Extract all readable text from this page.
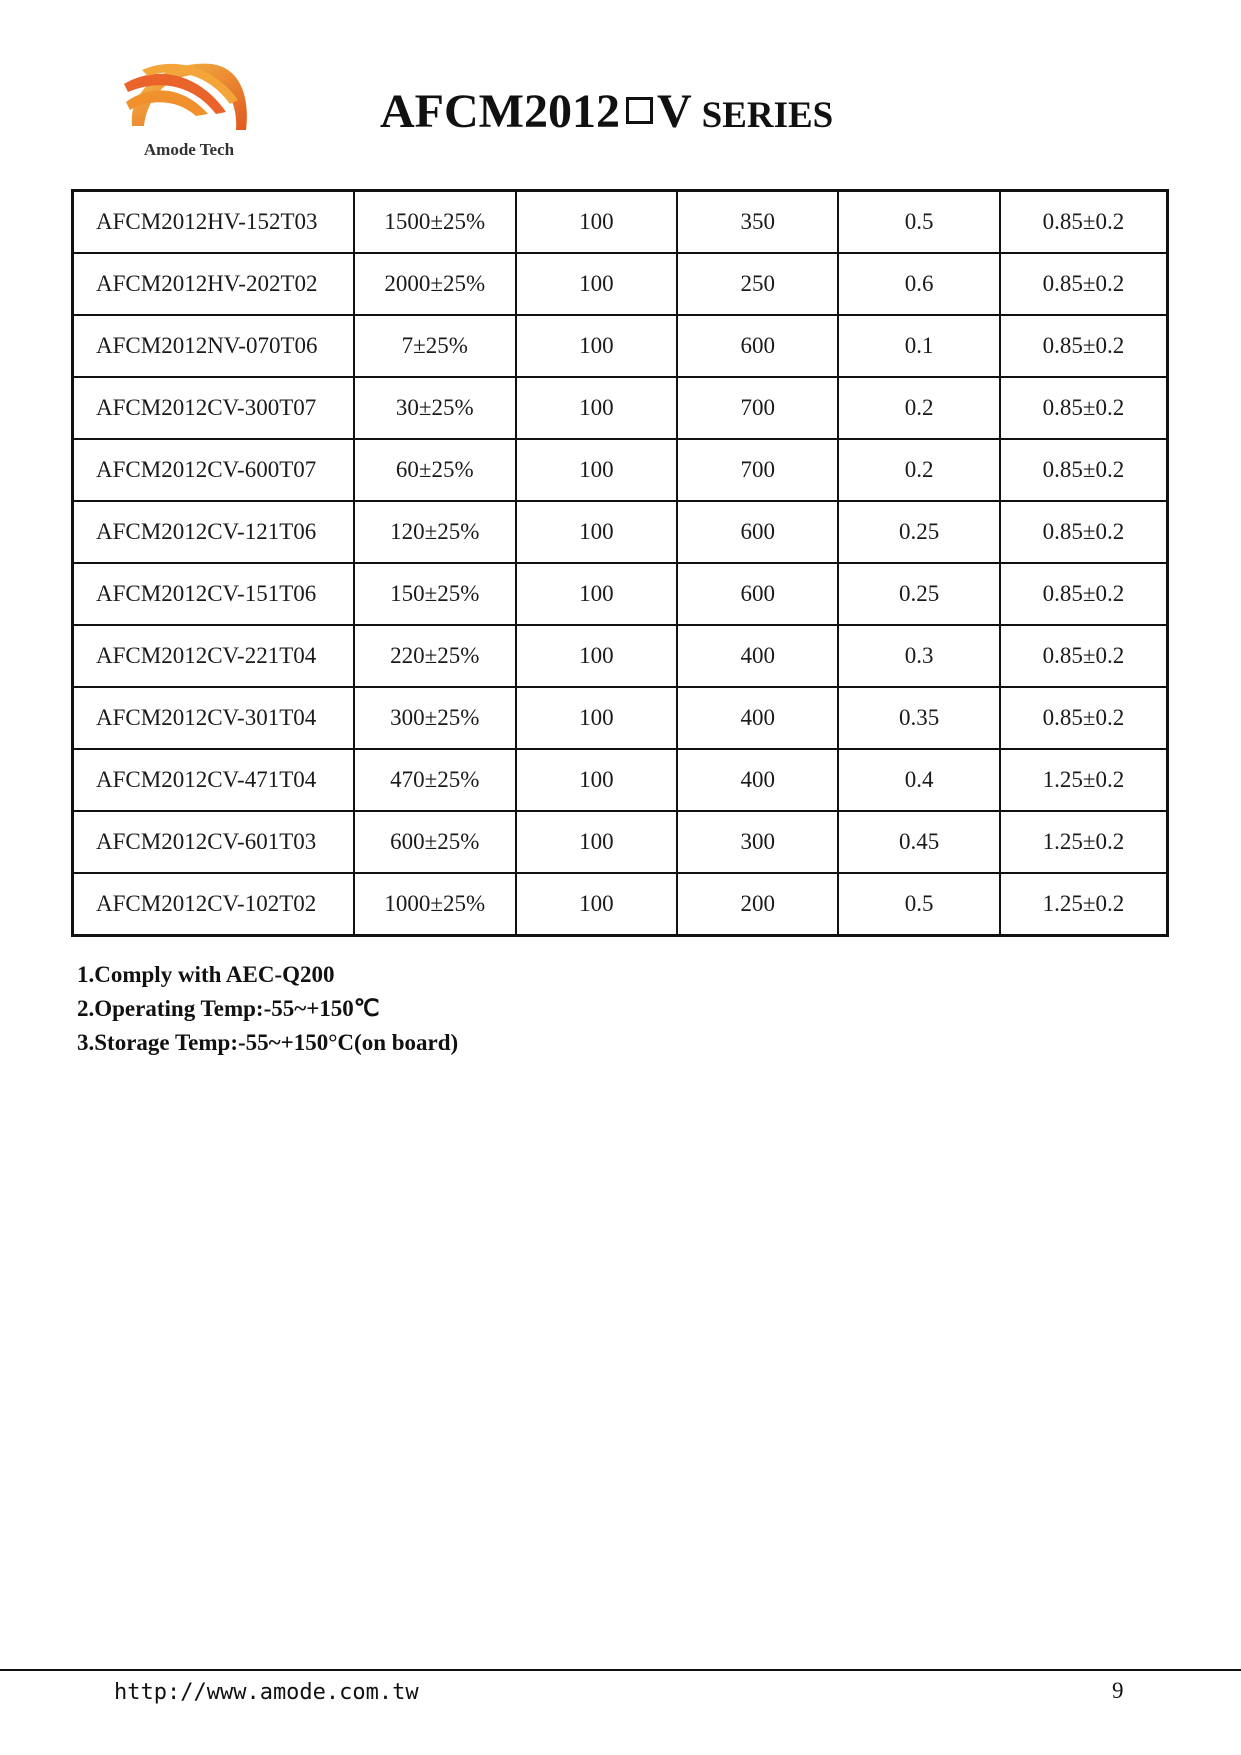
Amode Tech
AFCM2012 V SERIES
AFCM2012HV-152T03	1500±25%	100	350	0.5	0.85±0.2
AFCM2012HV-202T02	2000±25%	100	250	0.6	0.85±0.2
AFCM2012NV-070T06	7±25%	100	600	0.1	0.85±0.2
AFCM2012CV-300T07	30±25%	100	700	0.2	0.85±0.2
AFCM2012CV-600T07	60±25%	100	700	0.2	0.85±0.2
AFCM2012CV-121T06	120±25%	100	600	0.25	0.85±0.2
AFCM2012CV-151T06	150±25%	100	600	0.25	0.85±0.2
AFCM2012CV-221T04	220±25%	100	400	0.3	0.85±0.2
AFCM2012CV-301T04	300±25%	100	400	0.35	0.85±0.2
AFCM2012CV-471T04	470±25%	100	400	0.4	1.25±0.2
AFCM2012CV-601T03	600±25%	100	300	0.45	1.25±0.2
AFCM2012CV-102T02	1000±25%	100	200	0.5	1.25±0.2
1.Comply with AEC-Q200
2.Operating Temp:-55~+150℃
3.Storage Temp:-55~+150°C(on board)
http://www.amode.com.tw	9
